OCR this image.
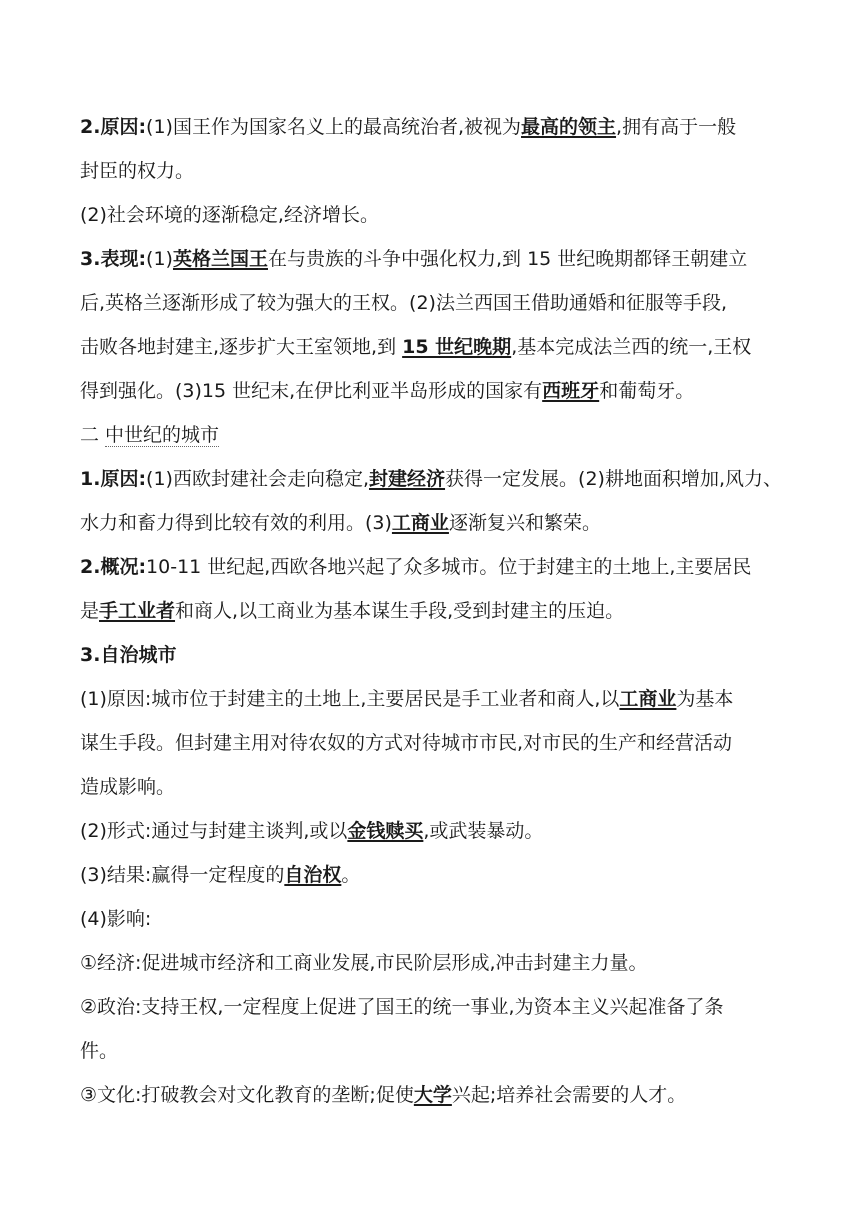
2.原因:(1)国王作为国家名义上的最高统治者,被视为最高的领主,拥有高于一般
封臣的权力。
(2)社会环境的逐渐稳定,经济增长。
3.表现:(1)英格兰国王在与贵族的斗争中强化权力,到 15 世纪晚期都铎王朝建立
后,英格兰逐渐形成了较为强大的王权。(2)法兰西国王借助通婚和征服等手段,
击败各地封建主,逐步扩大王室领地,到 15 世纪晚期,基本完成法兰西的统一,王权
得到强化。(3)15 世纪末,在伊比利亚半岛形成的国家有西班牙和葡萄牙。
二 中世纪的城市
1.原因:(1)西欧封建社会走向稳定,封建经济获得一定发展。(2)耕地面积增加,风力、
水力和畜力得到比较有效的利用。(3)工商业逐渐复兴和繁荣。
2.概况:10-11 世纪起,西欧各地兴起了众多城市。位于封建主的土地上,主要居民
是手工业者和商人,以工商业为基本谋生手段,受到封建主的压迫。
3.自治城市
(1)原因:城市位于封建主的土地上,主要居民是手工业者和商人,以工商业为基本
谋生手段。但封建主用对待农奴的方式对待城市市民,对市民的生产和经营活动
造成影响。
(2)形式:通过与封建主谈判,或以金钱赎买,或武装暴动。
(3)结果:赢得一定程度的自治权。
(4)影响:
①经济:促进城市经济和工商业发展,市民阶层形成,冲击封建主力量。
②政治:支持王权,一定程度上促进了国王的统一事业,为资本主义兴起准备了条
件。
③文化:打破教会对文化教育的垄断;促使大学兴起;培养社会需要的人才。
